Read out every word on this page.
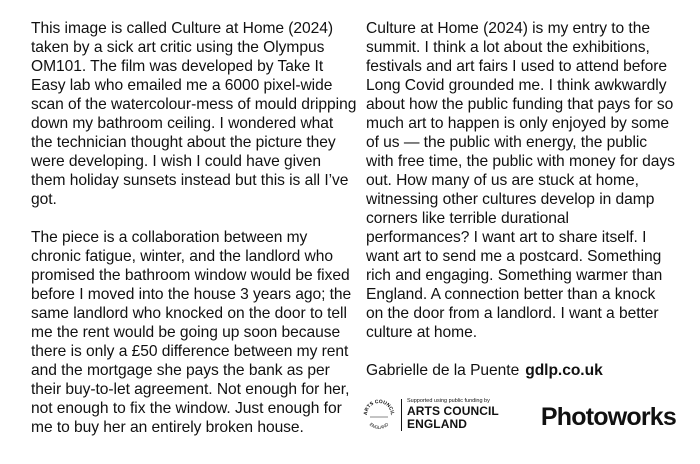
This image is called Culture at Home (2024) taken by a sick art critic using the Olympus OM101. The film was developed by Take It Easy lab who emailed me a 6000 pixel-wide scan of the watercolour-mess of mould dripping down my bathroom ceiling. I wondered what the technician thought about the picture they were developing. I wish I could have given them holiday sunsets instead but this is all I’ve got.

The piece is a collaboration between my chronic fatigue, winter, and the landlord who promised the bathroom window would be fixed before I moved into the house 3 years ago; the same landlord who knocked on the door to tell me the rent would be going up soon because there is only a £50 difference between my rent and the mortgage she pays the bank as per their buy-to-let agreement. Not enough for her, not enough to fix the window. Just enough for me to buy her an entirely broken house.

Culture at Home (2024) is my entry to the summit. I think a lot about the exhibitions, festivals and art fairs I used to attend before Long Covid grounded me. I think awkwardly about how the public funding that pays for so much art to happen is only enjoyed by some of us — the public with energy, the public with free time, the public with money for days out. How many of us are stuck at home, witnessing other cultures develop in damp corners like terrible durational performances? I want art to share itself. I want art to send me a postcard. Something rich and engaging. Something warmer than England. A connection better than a knock on the door from a landlord. I want a better culture at home.

Gabrielle de la Puente gdlp.co.uk

ARTS COUNCIL
ENGLAND
Supported using public funding by
ARTS COUNCIL
ENGLAND	Photoworks
